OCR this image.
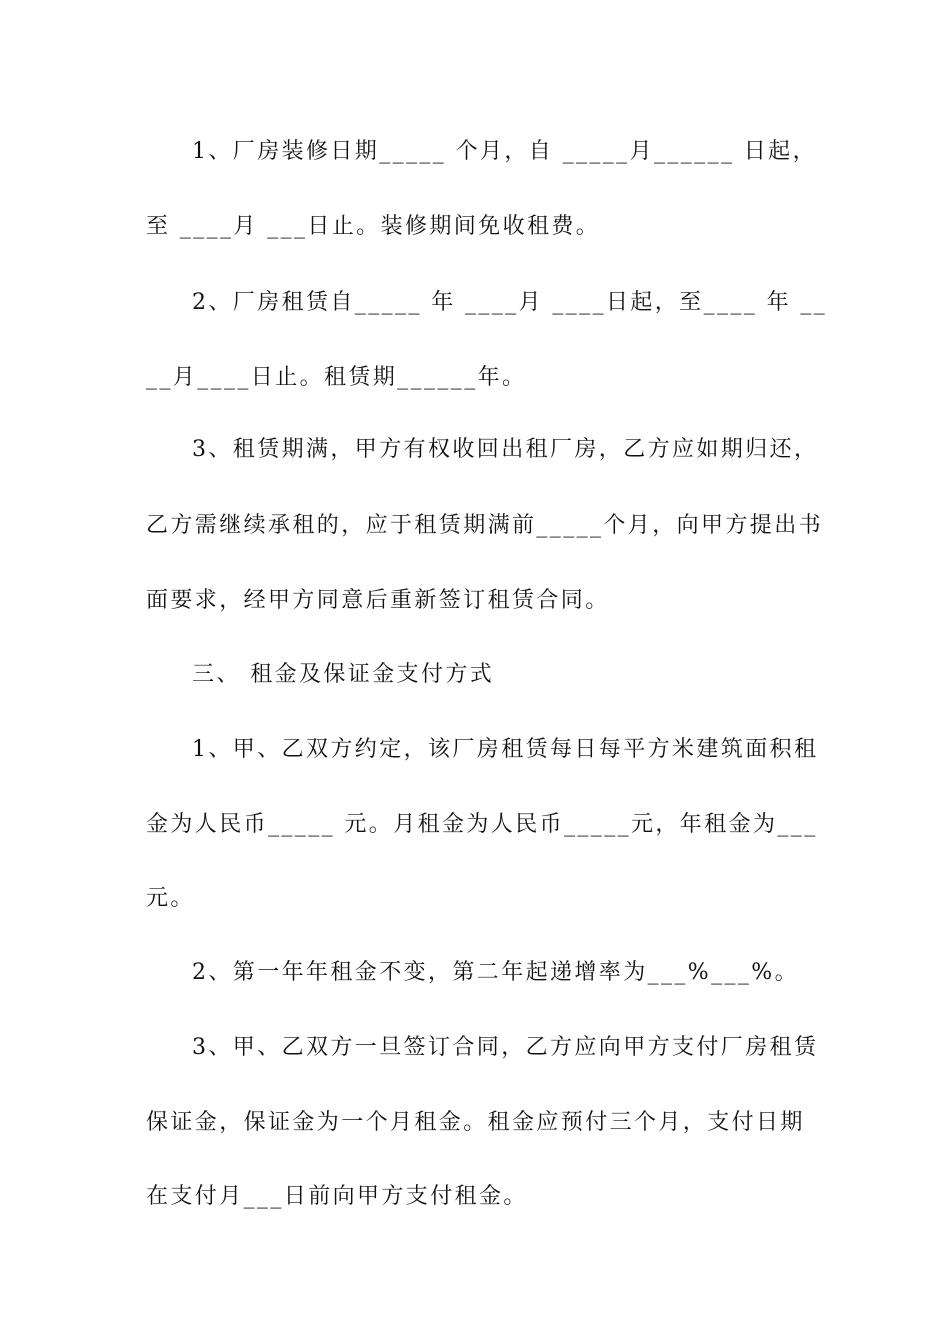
1、厂房装修日期_____ 个月，自 _____月______ 日起，
至 ____月 ___日止。装修期间免收租费。
2、厂房租赁自_____ 年 ____月 ____日起，至____ 年 __
__月____日止。租赁期______年。
3、租赁期满，甲方有权收回出租厂房，乙方应如期归还，
乙方需继续承租的，应于租赁期满前_____个月，向甲方提出书
面要求，经甲方同意后重新签订租赁合同。
三、 租金及保证金支付方式
1、甲、乙双方约定，该厂房租赁每日每平方米建筑面积租
金为人民币_____ 元。月租金为人民币_____元，年租金为___
元。
2、第一年年租金不变，第二年起递增率为___%___%。
3、甲、乙双方一旦签订合同，乙方应向甲方支付厂房租赁
保证金，保证金为一个月租金。租金应预付三个月，支付日期
在支付月___日前向甲方支付租金。
